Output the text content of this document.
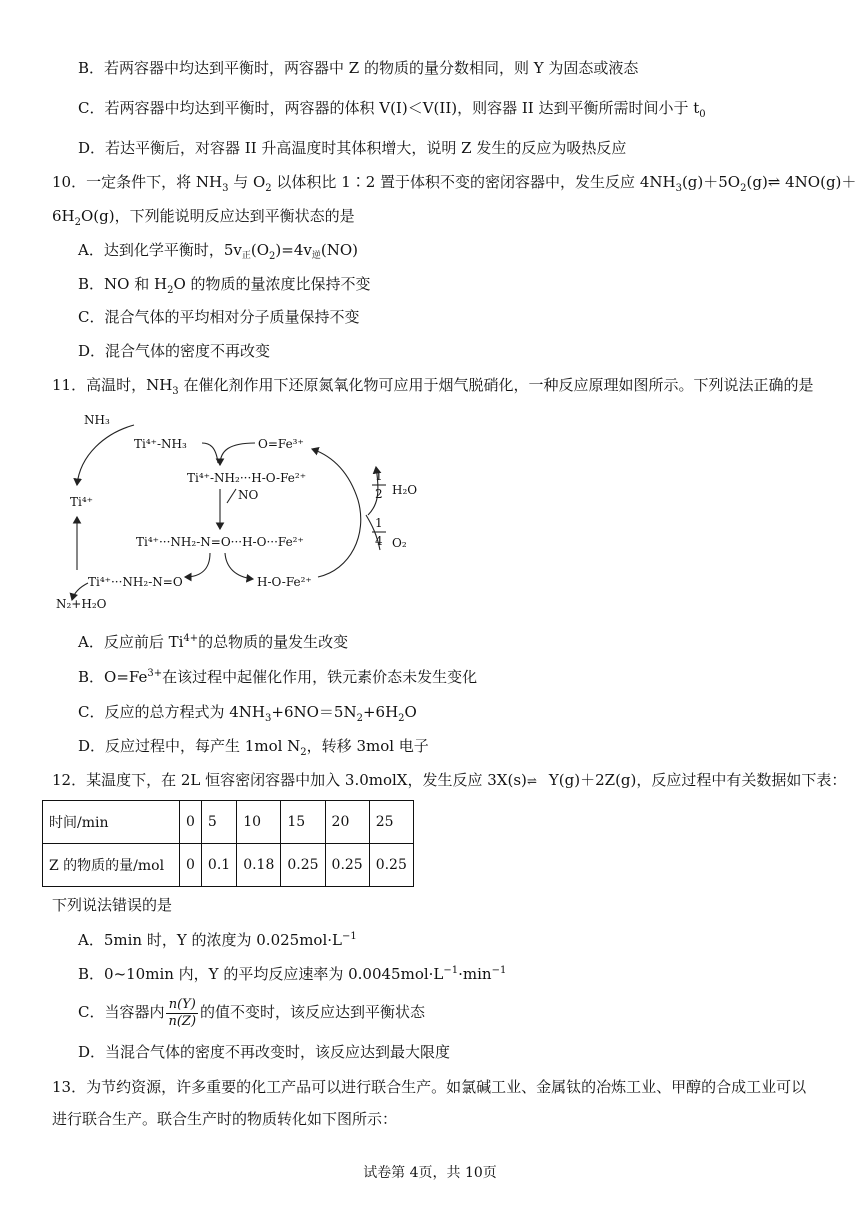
B．若两容器中均达到平衡时，两容器中 Z 的物质的量分数相同，则 Y 为固态或液态
C．若两容器中均达到平衡时，两容器的体积 V(I)＜V(II)，则容器 II 达到平衡所需时间小于 $t_0$
D．若达平衡后，对容器 II 升高温度时其体积增大，说明 Z 发生的反应为吸热反应
10．一定条件下，将 $NH_3$ 与 $O_2$ 以体积比 1∶2 置于体积不变的密闭容器中，发生反应 $4NH_3(g)+5O_2(g)\rightleftharpoons$ 4NO(g)＋
$6H_2O(g)$，下列能说明反应达到平衡状态的是
A．达到化学平衡时，$5v_正(O_2)=4v_逆(NO)$
B．NO 和 $H_2O$ 的物质的量浓度比保持不变
C．混合气体的平均相对分子质量保持不变
D．混合气体的密度不再改变
11．高温时，$NH_3$ 在催化剂作用下还原氮氧化物可应用于烟气脱硝化，一种反应原理如图所示。下列说法正确的是
NH₃
Ti⁴⁺-NH₃	O=Fe³⁺
Ti⁴⁺-NH₂···H-O-Fe²⁺
NO
Ti⁴⁺
Ti⁴⁺···NH₂-N=O···H-O···Fe²⁺
Ti⁴⁺···NH₂-N=O	H-O-Fe²⁺
N₂+H₂O
1
2 H₂O
1
4 O₂
A．反应前后 $Ti^{4+}$的总物质的量发生改变
B．$O=Fe^{3+}$在该过程中起催化作用，铁元素价态未发生变化
C．反应的总方程式为 $4NH_3+6NO=5N_2+6H_2O$
D．反应过程中，每产生 1mol $N_2$，转移 3mol 电子
12．某温度下，在 2L 恒容密闭容器中加入 3.0molX，发生反应 3X(s)⇌ Y(g)＋2Z(g)，反应过程中有关数据如下表：
时间/min	0	5	10	15	20	25
Z 的物质的量/mol	0	0.1	0.18	0.25	0.25	0.25
下列说法错误的是
A．5min 时，Y 的浓度为 $0.025mol\cdot L^{-1}$
B．0~10min 内，Y 的平均反应速率为 $0.0045mol\cdot L^{-1}\cdot\min^{-1}$
C．当容器内 $\frac{n(Y)}{n(Z)}$ 的值不变时，该反应达到平衡状态
D．当混合气体的密度不再改变时，该反应达到最大限度
13．为节约资源，许多重要的化工产品可以进行联合生产。如氯碱工业、金属钛的冶炼工业、甲醇的合成工业可以
进行联合生产。联合生产时的物质转化如下图所示：
试卷第 4页，共 10页
